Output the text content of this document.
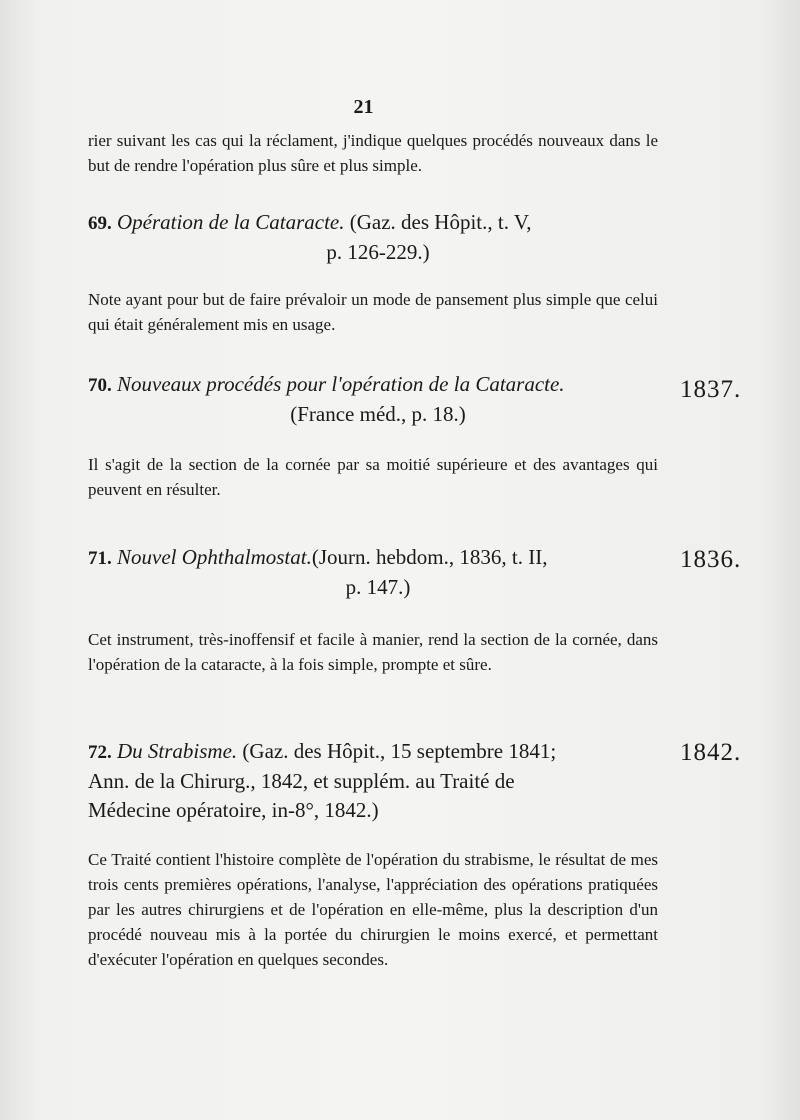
21
rier suivant les cas qui la réclament, j'indique quelques procédés nouveaux dans le but de rendre l'opération plus sûre et plus simple.
69. Opération de la Cataracte. (Gaz. des Hôpit., t. V,
p. 126-229.)
Note ayant pour but de faire prévaloir un mode de pansement plus simple que celui qui était généralement mis en usage.
70. Nouveaux procédés pour l'opération de la Cataracte.
(France méd., p. 18.)
1837.
Il s'agit de la section de la cornée par sa moitié supérieure et des avantages qui peuvent en résulter.
71. Nouvel Ophthalmostat.(Journ. hebdom., 1836, t. II,
p. 147.)
1836.
Cet instrument, très-inoffensif et facile à manier, rend la section de la cornée, dans l'opération de la cataracte, à la fois simple, prompte et sûre.
72. Du Strabisme. (Gaz. des Hôpit., 15 septembre 1841;
Ann. de la Chirurg., 1842, et supplém. au Traité de
Médecine opératoire, in-8°, 1842.)
1842.
Ce Traité contient l'histoire complète de l'opération du strabisme, le résultat de mes trois cents premières opérations, l'analyse, l'appréciation des opérations pratiquées par les autres chirurgiens et de l'opération en elle-même, plus la description d'un procédé nouveau mis à la portée du chirurgien le moins exercé, et permettant d'exécuter l'opération en quelques secondes.
